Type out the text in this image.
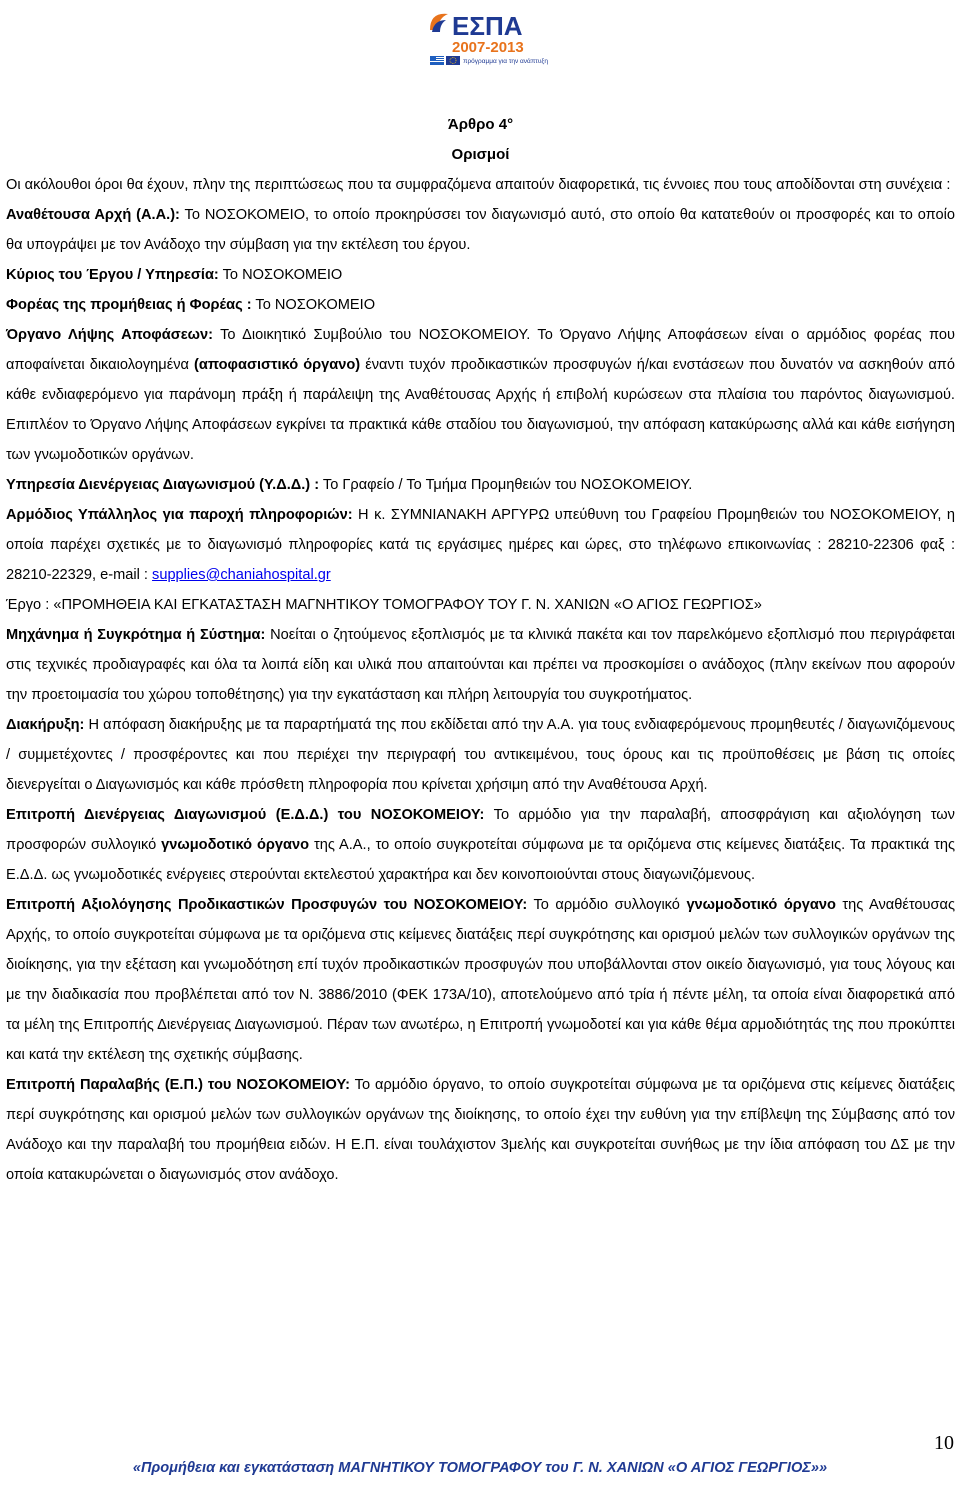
ΕΣΠΑ
2007-2013
πρόγραμμα για την ανάπτυξη

Άρθρο 4°

Ορισμοί

Οι ακόλουθοι όροι θα έχουν, πλην της περιπτώσεως που τα συμφραζόμενα απαιτούν διαφορετικά, τις έννοιες που τους αποδίδονται στη συνέχεια :

Αναθέτουσα Αρχή (Α.Α.): Το ΝΟΣΟΚΟΜΕΙΟ, το οποίο προκηρύσσει τον διαγωνισμό αυτό, στο οποίο θα κατατεθούν οι προσφορές και το οποίο θα υπογράψει με τον Ανάδοχο την σύμβαση για την εκτέλεση του έργου.

Κύριος του Έργου / Υπηρεσία: Το ΝΟΣΟΚΟΜΕΙΟ

Φορέας της προμήθειας ή Φορέας : Το ΝΟΣΟΚΟΜΕΙΟ

Όργανο Λήψης Αποφάσεων: Το Διοικητικό Συμβούλιο του ΝΟΣΟΚΟΜΕΙΟΥ. Το Όργανο Λήψης Αποφάσεων είναι ο αρμόδιος φορέας που αποφαίνεται δικαιολογημένα (αποφασιστικό όργανο) έναντι τυχόν προδικαστικών προσφυγών ή/και ενστάσεων που δυνατόν να ασκηθούν από κάθε ενδιαφερόμενο για παράνομη πράξη ή παράλειψη της Αναθέτουσας Αρχής ή επιβολή κυρώσεων στα πλαίσια του παρόντος διαγωνισμού. Επιπλέον το Όργανο Λήψης Αποφάσεων εγκρίνει τα πρακτικά κάθε σταδίου του διαγωνισμού, την απόφαση κατακύρωσης αλλά και κάθε εισήγηση των γνωμοδοτικών οργάνων.

Υπηρεσία Διενέργειας Διαγωνισμού (Υ.Δ.Δ.) : Το Γραφείο / Το Τμήμα Προμηθειών του ΝΟΣΟΚΟΜΕΙΟΥ.

Αρμόδιος Υπάλληλος για παροχή πληροφοριών: Η κ. ΣΥΜΝΙΑΝΑΚΗ ΑΡΓΥΡΩ υπεύθυνη του Γραφείου Προμηθειών του ΝΟΣΟΚΟΜΕΙΟΥ, η οποία παρέχει σχετικές με το διαγωνισμό πληροφορίες κατά τις εργάσιμες ημέρες και ώρες, στο τηλέφωνο επικοινωνίας : 28210-22306 φαξ : 28210-22329, e-mail : supplies@chaniahospital.gr

Έργο : «ΠΡΟΜΗΘΕΙΑ ΚΑΙ ΕΓΚΑΤΑΣΤΑΣΗ ΜΑΓΝΗΤΙΚΟΥ ΤΟΜΟΓΡΑΦΟΥ ΤΟΥ Γ. Ν. ΧΑΝΙΩΝ «Ο ΑΓΙΟΣ ΓΕΩΡΓΙΟΣ»

Μηχάνημα ή Συγκρότημα ή Σύστημα: Νοείται ο ζητούμενος εξοπλισμός με τα κλινικά πακέτα και τον παρελκόμενο εξοπλισμό που περιγράφεται στις τεχνικές προδιαγραφές και όλα τα λοιπά είδη και υλικά που απαιτούνται και πρέπει να προσκομίσει ο ανάδοχος (πλην εκείνων που αφορούν την προετοιμασία του χώρου τοποθέτησης) για την εγκατάσταση και πλήρη λειτουργία του συγκροτήματος.

Διακήρυξη: Η απόφαση διακήρυξης με τα παραρτήματά της που εκδίδεται από την Α.Α. για τους ενδιαφερόμενους προμηθευτές / διαγωνιζόμενους / συμμετέχοντες / προσφέροντες και που περιέχει την περιγραφή του αντικειμένου, τους όρους και τις προϋποθέσεις με βάση τις οποίες διενεργείται ο Διαγωνισμός και κάθε πρόσθετη πληροφορία που κρίνεται χρήσιμη από την Αναθέτουσα Αρχή.

Επιτροπή Διενέργειας Διαγωνισμού (Ε.Δ.Δ.) του ΝΟΣΟΚΟΜΕΙΟΥ: Το αρμόδιο για την παραλαβή, αποσφράγιση και αξιολόγηση των προσφορών συλλογικό γνωμοδοτικό όργανο της Α.Α., το οποίο συγκροτείται σύμφωνα με τα οριζόμενα στις κείμενες διατάξεις. Τα πρακτικά της Ε.Δ.Δ. ως γνωμοδοτικές ενέργειες στερούνται εκτελεστού χαρακτήρα και δεν κοινοποιούνται στους διαγωνιζόμενους.

Επιτροπή Αξιολόγησης Προδικαστικών Προσφυγών του ΝΟΣΟΚΟΜΕΙΟΥ: Το αρμόδιο συλλογικό γνωμοδοτικό όργανο της Αναθέτουσας Αρχής, το οποίο συγκροτείται σύμφωνα με τα οριζόμενα στις κείμενες διατάξεις περί συγκρότησης και ορισμού μελών των συλλογικών οργάνων της διοίκησης, για την εξέταση και γνωμοδότηση επί τυχόν προδικαστικών προσφυγών που υποβάλλονται στον οικείο διαγωνισμό, για τους λόγους και με την διαδικασία που προβλέπεται από τον Ν. 3886/2010 (ΦΕΚ 173Α/10), αποτελούμενο από τρία ή πέντε μέλη, τα οποία είναι διαφορετικά από τα μέλη της Επιτροπής Διενέργειας Διαγωνισμού. Πέραν των ανωτέρω, η Επιτροπή γνωμοδοτεί και για κάθε θέμα αρμοδιότητάς της που προκύπτει και κατά την εκτέλεση της σχετικής σύμβασης.

Επιτροπή Παραλαβής (Ε.Π.) του ΝΟΣΟΚΟΜΕΙΟΥ: Το αρμόδιο όργανο, το οποίο συγκροτείται σύμφωνα με τα οριζόμενα στις κείμενες διατάξεις περί συγκρότησης και ορισμού μελών των συλλογικών οργάνων της διοίκησης, το οποίο έχει την ευθύνη για την επίβλεψη της Σύμβασης από τον Ανάδοχο και την παραλαβή του προμήθεια ειδών. Η Ε.Π. είναι τουλάχιστον 3μελής και συγκροτείται συνήθως με την ίδια απόφαση του ΔΣ με την οποία κατακυρώνεται ο διαγωνισμός στον ανάδοχο.

10
«Προμήθεια και εγκατάσταση ΜΑΓΝΗΤΙΚΟΥ ΤΟΜΟΓΡΑΦΟΥ του Γ. Ν. ΧΑΝΙΩΝ «Ο ΑΓΙΟΣ ΓΕΩΡΓΙΟΣ»»
